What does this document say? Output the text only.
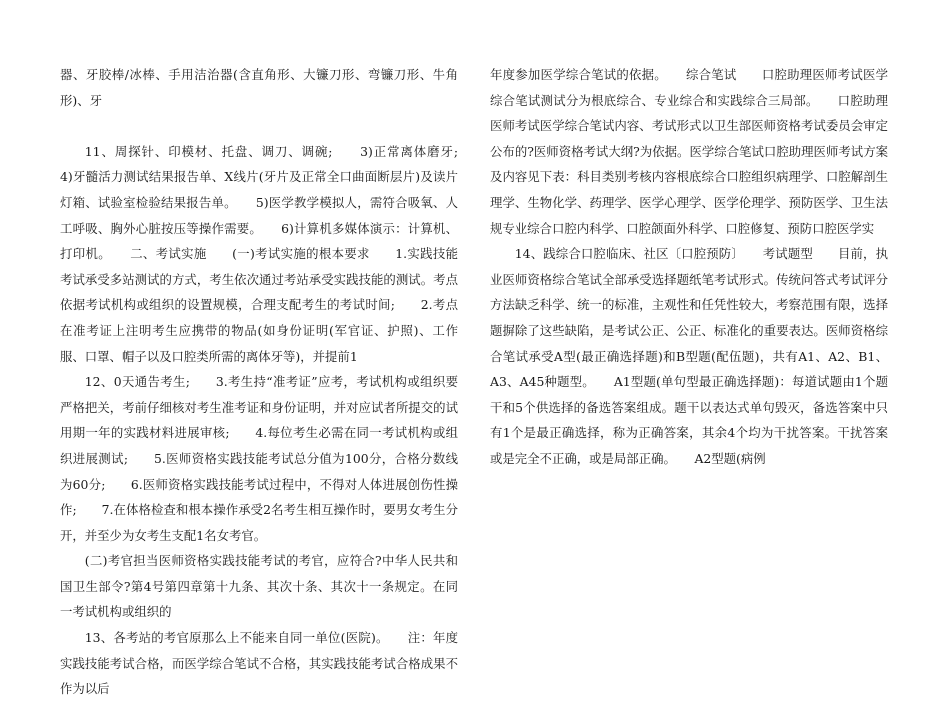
器、牙胶棒/冰棒、手用洁治器(含直角形、大镰刀形、弯镰刀形、牛角形)、牙

11、周探针、印模材、托盘、调刀、调碗;　　3)正常离体磨牙;　　4)牙髓活力测试结果报告单、X线片(牙片及正常全口曲面断层片)及读片灯箱、试验室检验结果报告单。　　5)医学教学模拟人，需符合吸氧、人工呼吸、胸外心脏按压等操作需要。　　6)计算机多媒体演示：计算机、打印机。　　二、考试实施　　(一)考试实施的根本要求　　1.实践技能考试承受多站测试的方式，考生依次通过考站承受实践技能的测试。考点依据考试机构或组织的设置规模，合理支配考生的考试时间;　　2.考点在准考证上注明考生应携带的物品(如身份证明(军官证、护照)、工作服、口罩、帽子以及口腔类所需的离体牙等)，并提前1

12、0天通告考生;　　3.考生持“准考证”应考，考试机构或组织要严格把关，考前仔细核对考生准考证和身份证明，并对应试者所提交的试用期一年的实践材料进展审核;　　4.每位考生必需在同一考试机构或组织进展测试;　　5.医师资格实践技能考试总分值为100分，合格分数线为60分;　　6.医师资格实践技能考试过程中，不得对人体进展创伤性操作;　　7.在体格检查和根本操作承受2名考生相互操作时，要男女考生分开，并至少为女考生支配1名女考官。

(二)考官担当医师资格实践技能考试的考官，应符合?中华人民共和国卫生部令?第4号第四章第十九条、其次十条、其次十一条规定。在同一考试机构或组织的

13、各考站的考官原那么上不能来自同一单位(医院)。　　注：年度实践技能考试合格，而医学综合笔试不合格，其实践技能考试合格成果不作为以后

年度参加医学综合笔试的依据。　　综合笔试　　口腔助理医师考试医学综合笔试测试分为根底综合、专业综合和实践综合三局部。　　口腔助理医师考试医学综合笔试内容、考试形式以卫生部医师资格考试委员会审定公布的?医师资格考试大纲?为依据。医学综合笔试口腔助理医师考试方案及内容见下表：科目类别考核内容根底综合口腔组织病理学、口腔解剖生理学、生物化学、药理学、医学心理学、医学伦理学、预防医学、卫生法规专业综合口腔内科学、口腔颌面外科学、口腔修复、预防口腔医学实

14、践综合口腔临床、社区〔口腔预防〕　　考试题型　　目前，执业医师资格综合笔试全部承受选择题纸笔考试形式。传统问答式考试评分方法缺乏科学、统一的标准，主观性和任凭性较大，考察范围有限，选择题摒除了这些缺陷，是考试公正、公正、标准化的重要表达。医师资格综合笔试承受A型(最正确选择题)和B型题(配伍题)，共有A1、A2、B1、A3、A45种题型。　　A1型题(单句型最正确选择题)：每道试题由1个题干和5个供选择的备选答案组成。题干以表达式单句毁灭，备选答案中只有1个是最正确选择，称为正确答案，其余4个均为干扰答案。干扰答案或是完全不正确，或是局部正确。　　A2型题(病例
